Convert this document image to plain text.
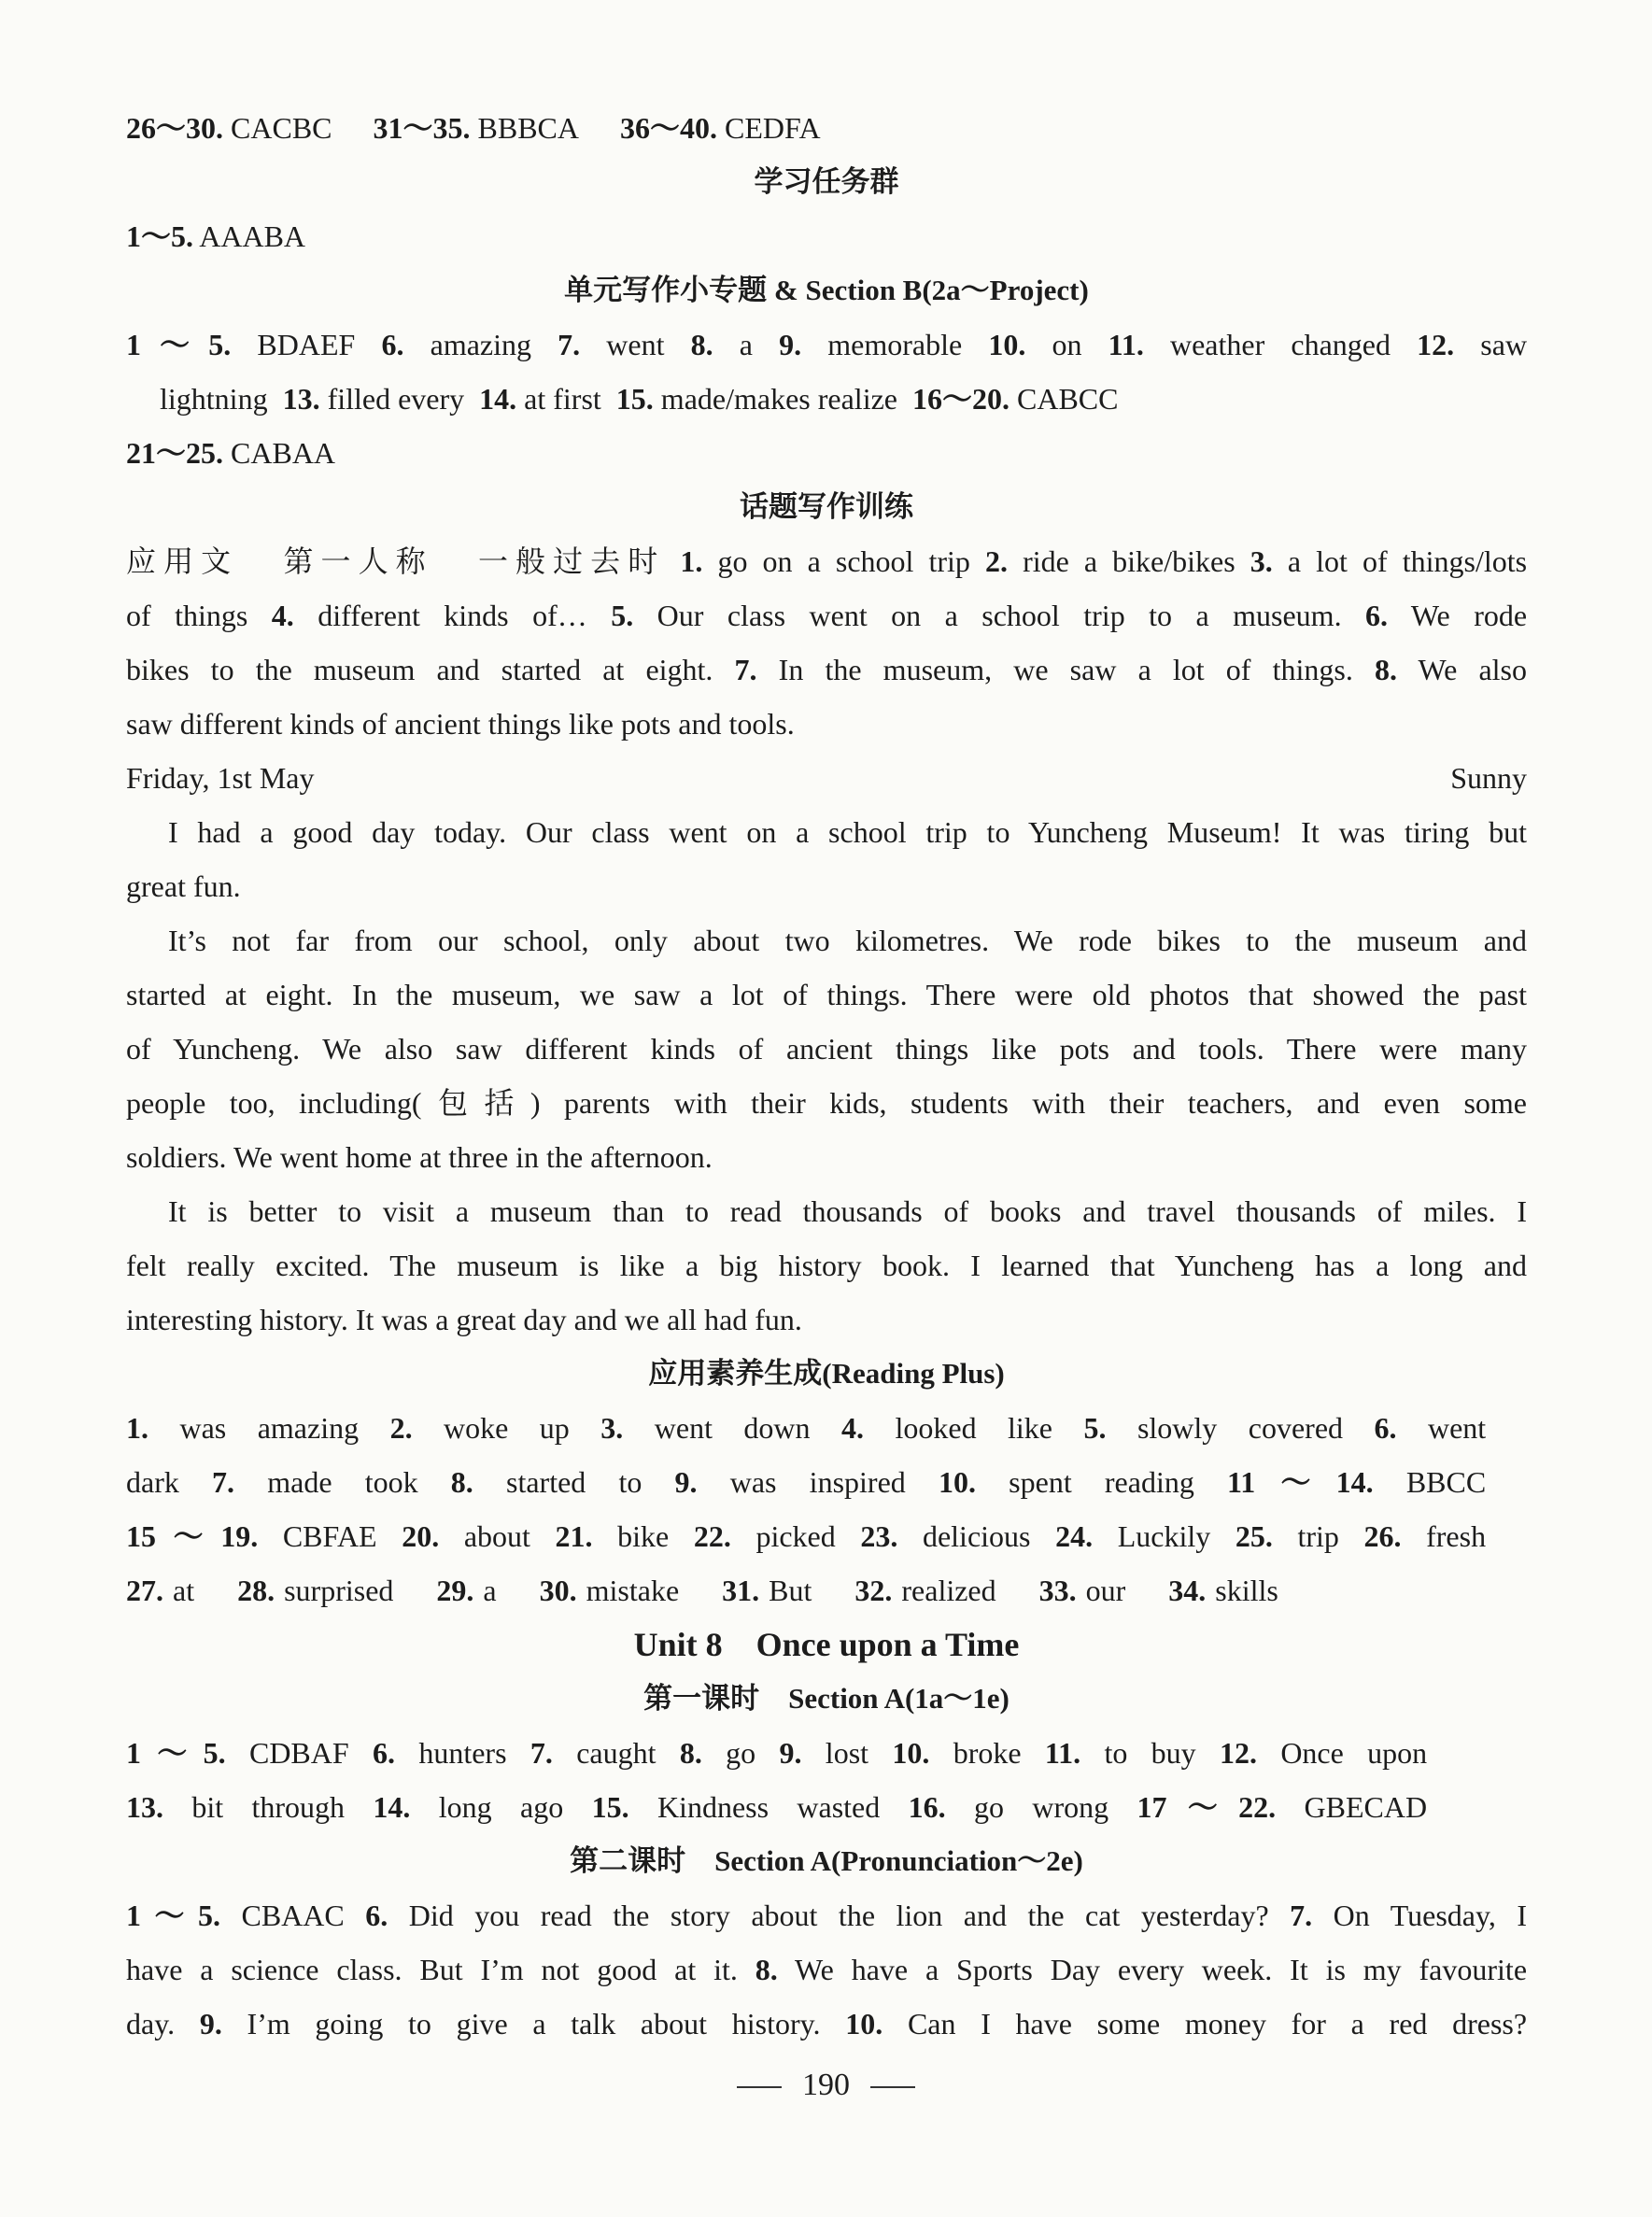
26～30. CACBC 31～35. BBBCA 36～40. CEDFA
学习任务群
1～5. AAABA
单元写作小专题 & Section B(2a～Project)
1～5. BDAEF 6. amazing 7. went 8. a 9. memorable 10. on 11. weather changed 12. saw
lightning 13. filled every 14. at first 15. made/makes realize 16～20. CABCC
21～25. CABAA
话题写作训练
应用文 第一人称 一般过去时 1. go on a school trip 2. ride a bike/bikes 3. a lot of things/lots
of things 4. different kinds of… 5. Our class went on a school trip to a museum. 6. We rode
bikes to the museum and started at eight. 7. In the museum, we saw a lot of things. 8. We also
saw different kinds of ancient things like pots and tools.
Friday, 1st May	Sunny
I had a good day today. Our class went on a school trip to Yuncheng Museum! It was tiring but
great fun.
It’s not far from our school, only about two kilometres. We rode bikes to the museum and
started at eight. In the museum, we saw a lot of things. There were old photos that showed the past
of Yuncheng. We also saw different kinds of ancient things like pots and tools. There were many
people too, including(包括) parents with their kids, students with their teachers, and even some
soldiers. We went home at three in the afternoon.
It is better to visit a museum than to read thousands of books and travel thousands of miles. I
felt really excited. The museum is like a big history book. I learned that Yuncheng has a long and
interesting history. It was a great day and we all had fun.
应用素养生成(Reading Plus)
1. was amazing 2. woke up 3. went down 4. looked like 5. slowly covered 6. went
dark 7. made took 8. started to 9. was inspired 10. spent reading 11～14. BBCC
15～19. CBFAE 20. about 21. bike 22. picked 23. delicious 24. Luckily 25. trip 26. fresh
27. at 28. surprised 29. a 30. mistake 31. But 32. realized 33. our 34. skills
Unit 8　Once upon a Time
第一课时　Section A(1a～1e)
1～5. CDBAF 6. hunters 7. caught 8. go 9. lost 10. broke 11. to buy 12. Once upon
13. bit through 14. long ago 15. Kindness wasted 16. go wrong 17～22. GBECAD
第二课时　Section A(Pronunciation～2e)
1～5. CBAAC 6. Did you read the story about the lion and the cat yesterday? 7. On Tuesday, I
have a science class. But I’m not good at it. 8. We have a Sports Day every week. It is my favourite
day. 9. I’m going to give a talk about history. 10. Can I have some money for a red dress?
190
